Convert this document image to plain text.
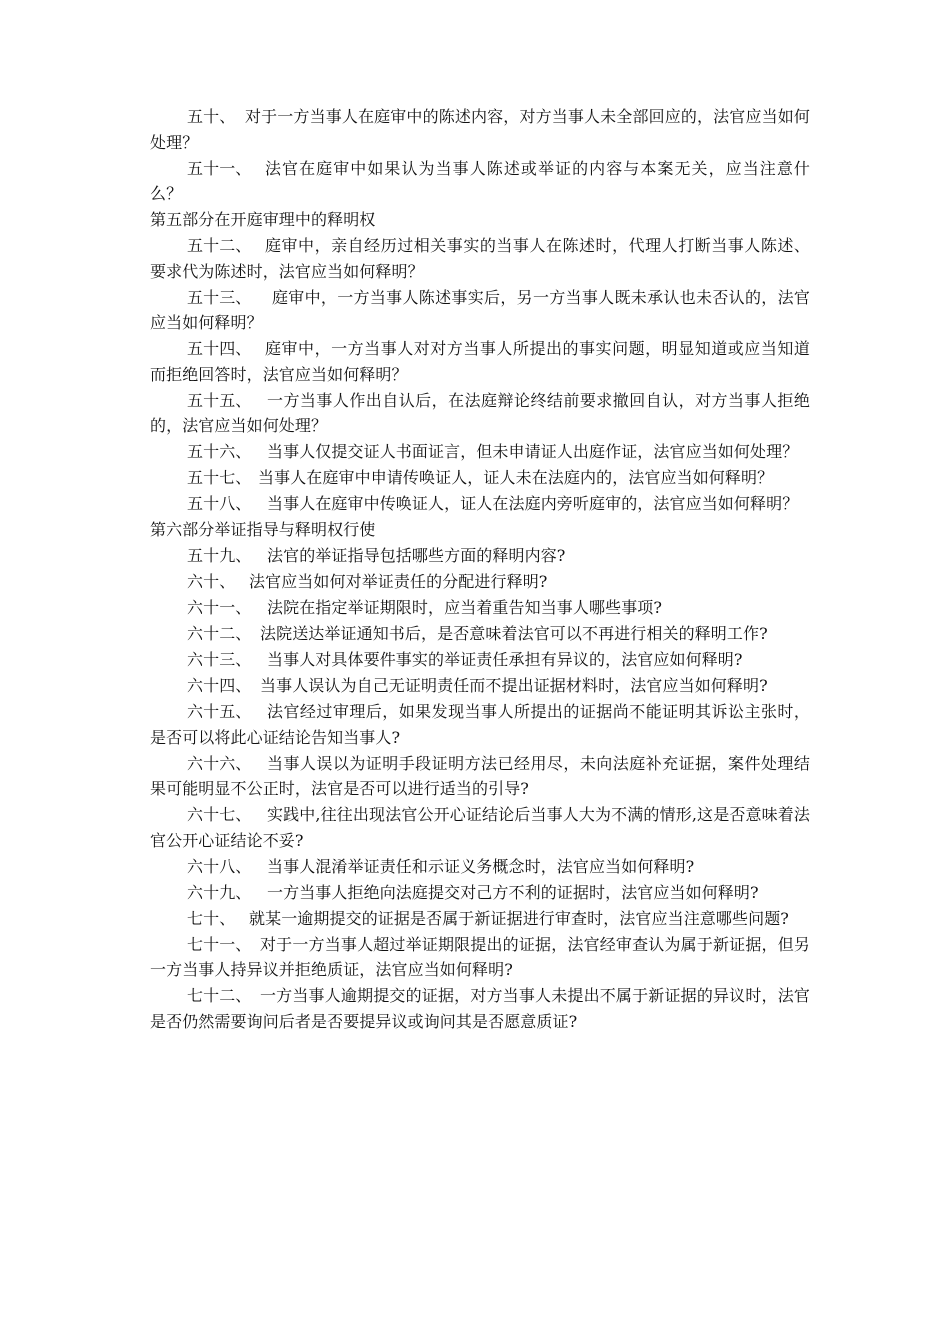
五十、 对于一方当事人在庭审中的陈述内容，对方当事人未全部回应的，法官应当如何处理？

五十一、 法官在庭审中如果认为当事人陈述或举证的内容与本案无关，应当注意什么？

第五部分在开庭审理中的释明权

五十二、 庭审中，亲自经历过相关事实的当事人在陈述时，代理人打断当事人陈述、要求代为陈述时，法官应当如何释明？

五十三、	庭审中，一方当事人陈述事实后，另一方当事人既未承认也未否认的，法官应当如何释明？

五十四、 庭审中，一方当事人对对方当事人所提出的事实问题，明显知道或应当知道而拒绝回答时，法官应当如何释明？

五十五、 一方当事人作出自认后，在法庭辩论终结前要求撤回自认，对方当事人拒绝的，法官应当如何处理？

五十六、 当事人仅提交证人书面证言，但未申请证人出庭作证，法官应当如何处理？

五十七、 当事人在庭审中申请传唤证人，证人未在法庭内的，法官应当如何释明？

五十八、 当事人在庭审中传唤证人，证人在法庭内旁听庭审的，法官应当如何释明？

第六部分举证指导与释明权行使

五十九、 法官的举证指导包括哪些方面的释明内容?

六十、 法官应当如何对举证责任的分配进行释明?

六十一、 法院在指定举证期限时，应当着重告知当事人哪些事项?

六十二、 法院送达举证通知书后，是否意味着法官可以不再进行相关的释明工作?

六十三、 当事人对具体要件事实的举证责任承担有异议的，法官应如何释明?

六十四、 当事人误认为自己无证明责任而不提出证据材料时，法官应当如何释明?

六十五、 法官经过审理后，如果发现当事人所提出的证据尚不能证明其诉讼主张时，是否可以将此心证结论告知当事人?

六十六、 当事人误以为证明手段证明方法已经用尽，未向法庭补充证据，案件处理结果可能明显不公正时，法官是否可以进行适当的引导?

六十七、 实践中,往往出现法官公开心证结论后当事人大为不满的情形,这是否意味着法官公开心证结论不妥?

六十八、 当事人混淆举证责任和示证义务概念时，法官应当如何释明?

六十九、 一方当事人拒绝向法庭提交对己方不利的证据时，法官应当如何释明?

七十、 就某一逾期提交的证据是否属于新证据进行审查时，法官应当注意哪些问题?

七十一、 对于一方当事人超过举证期限提出的证据，法官经审查认为属于新证据，但另一方当事人持异议并拒绝质证，法官应当如何释明?

七十二、 一方当事人逾期提交的证据，对方当事人未提出不属于新证据的异议时，法官是否仍然需要询问后者是否要提异议或询问其是否愿意质证?
